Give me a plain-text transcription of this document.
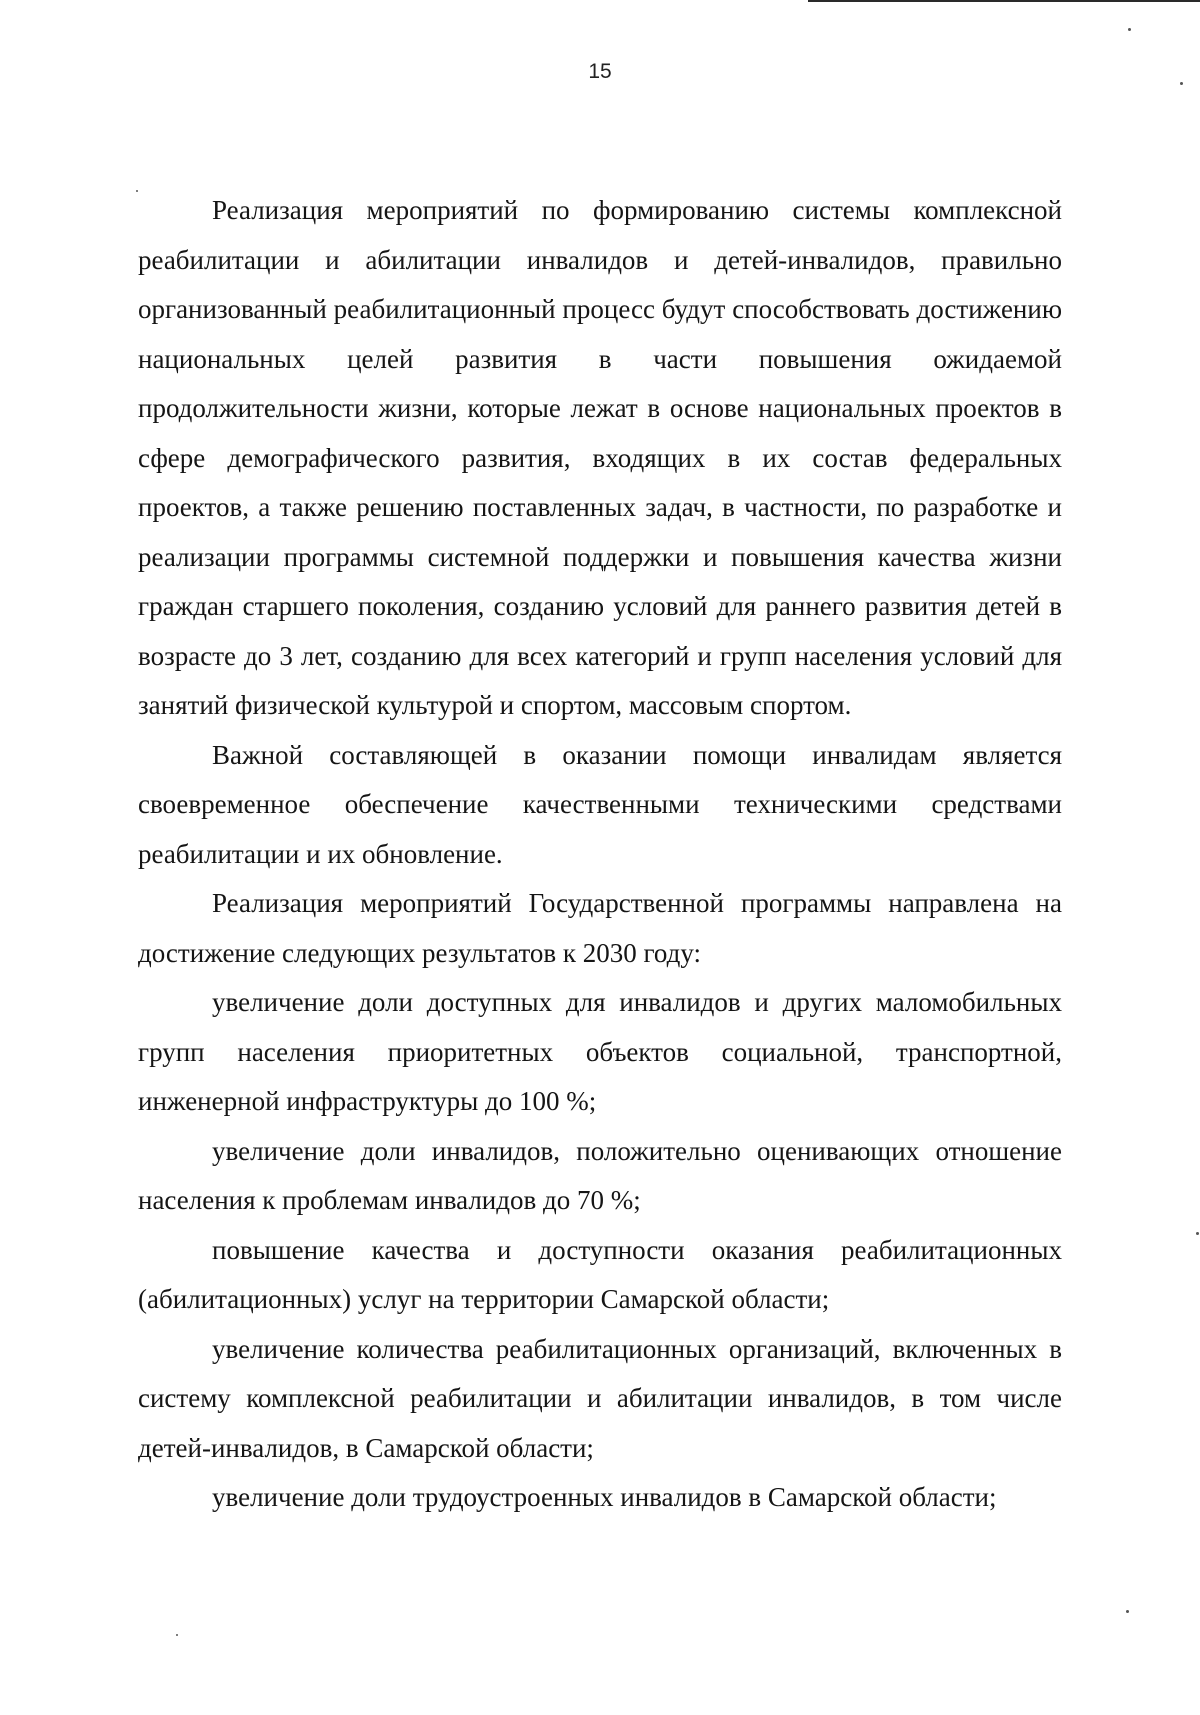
15

Реализация мероприятий по формированию системы комплексной реабилитации и абилитации инвалидов и детей-инвалидов, правильно организованный реабилитационный процесс будут способствовать достижению национальных целей развития в части повышения ожидаемой продолжительности жизни, которые лежат в основе национальных проектов в сфере демографического развития, входящих в их состав федеральных проектов, а также решению поставленных задач, в частности, по разработке и реализации программы системной поддержки и повышения качества жизни граждан старшего поколения, созданию условий для раннего развития детей в возрасте до 3 лет, созданию для всех категорий и групп населения условий для занятий физической культурой и спортом, массовым спортом.

Важной составляющей в оказании помощи инвалидам является своевременное обеспечение качественными техническими средствами реабилитации и их обновление.

Реализация мероприятий Государственной программы направлена на достижение следующих результатов к 2030 году:

увеличение доли доступных для инвалидов и других маломобильных групп населения приоритетных объектов социальной, транспортной, инженерной инфраструктуры до 100 %;

увеличение доли инвалидов, положительно оценивающих отношение населения к проблемам инвалидов до 70 %;

повышение качества и доступности оказания реабилитационных (абилитационных) услуг на территории Самарской области;

увеличение количества реабилитационных организаций, включенных в систему комплексной реабилитации и абилитации инвалидов, в том числе детей-инвалидов, в Самарской области;

увеличение доли трудоустроенных инвалидов в Самарской области;
